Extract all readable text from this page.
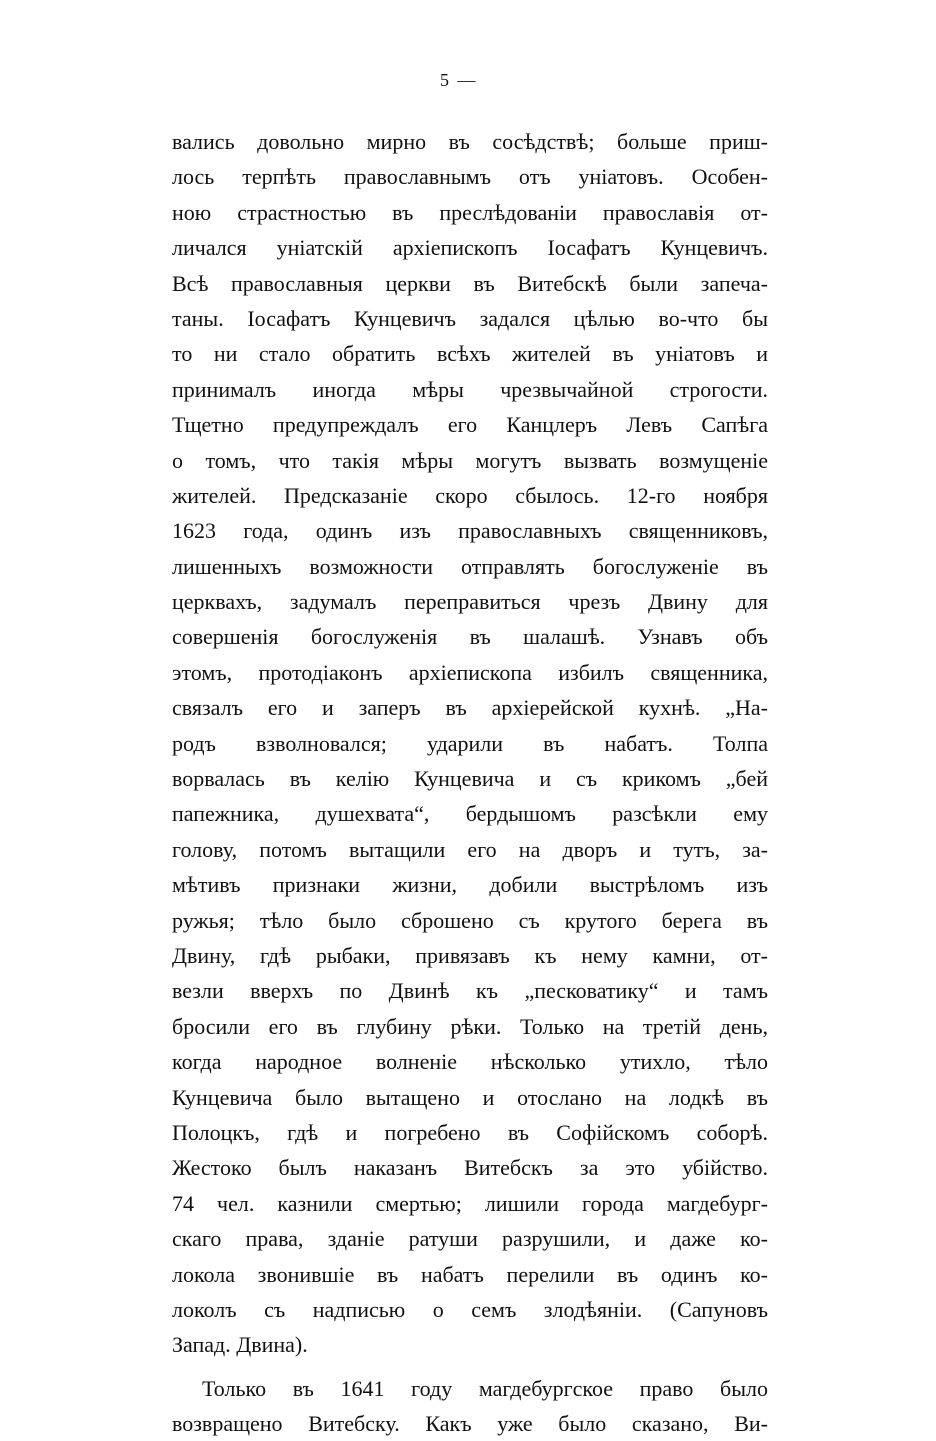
5 —
вались довольно мирно въ сосѣдствѣ; больше приш-
лось терпѣть православнымъ отъ уніатовъ. Особен-
ною страстностью въ преслѣдованіи православія от-
личался уніатскій архіепископъ Іосафатъ Кунцевичъ.
Всѣ православныя церкви въ Витебскѣ были запеча-
таны. Іосафатъ Кунцевичъ задался цѣлью во-что бы
то ни стало обратить всѣхъ жителей въ уніатовъ и
принималъ иногда мѣры чрезвычайной строгости.
Тщетно предупреждалъ его Канцлеръ Левъ Сапѣга
о томъ, что такія мѣры могутъ вызвать возмущеніе
жителей. Предсказаніе скоро сбылось. 12-го ноября
1623 года, одинъ изъ православныхъ священниковъ,
лишенныхъ возможности отправлять богослуженіе въ
церквахъ, задумалъ переправиться чрезъ Двину для
совершенія богослуженія въ шалашѣ. Узнавъ объ
этомъ, протодіаконъ архіепископа избилъ священника,
связалъ его и заперъ въ архіерейской кухнѣ. „На-
родъ взволновался; ударили въ набатъ. Толпа
ворвалась въ келію Кунцевича и съ крикомъ „бей
папежника, душехвата“, бердышомъ разсѣкли ему
голову, потомъ вытащили его на дворъ и тутъ, за-
мѣтивъ признаки жизни, добили выстрѣломъ изъ
ружья; тѣло было сброшено съ крутого берега въ
Двину, гдѣ рыбаки, привязавъ къ нему камни, от-
везли вверхъ по Двинѣ къ „песковатику“ и тамъ
бросили его въ глубину рѣки. Только на третій день,
когда народное волненіе нѣсколько утихло, тѣло
Кунцевича было вытащено и отослано на лодкѣ въ
Полоцкъ, гдѣ и погребено въ Софійскомъ соборѣ.
Жестоко былъ наказанъ Витебскъ за это убійство.
74 чел. казнили смертью; лишили города магдебург-
скаго права, зданіе ратуши разрушили, и даже ко-
локола звонившіе въ набатъ перелили въ одинъ ко-
локолъ съ надписью о семъ злодѣяніи. (Сапуновъ
Запад. Двина).
Только въ 1641 году магдебургское право было
возвращено Витебску. Какъ уже было сказано, Ви-
